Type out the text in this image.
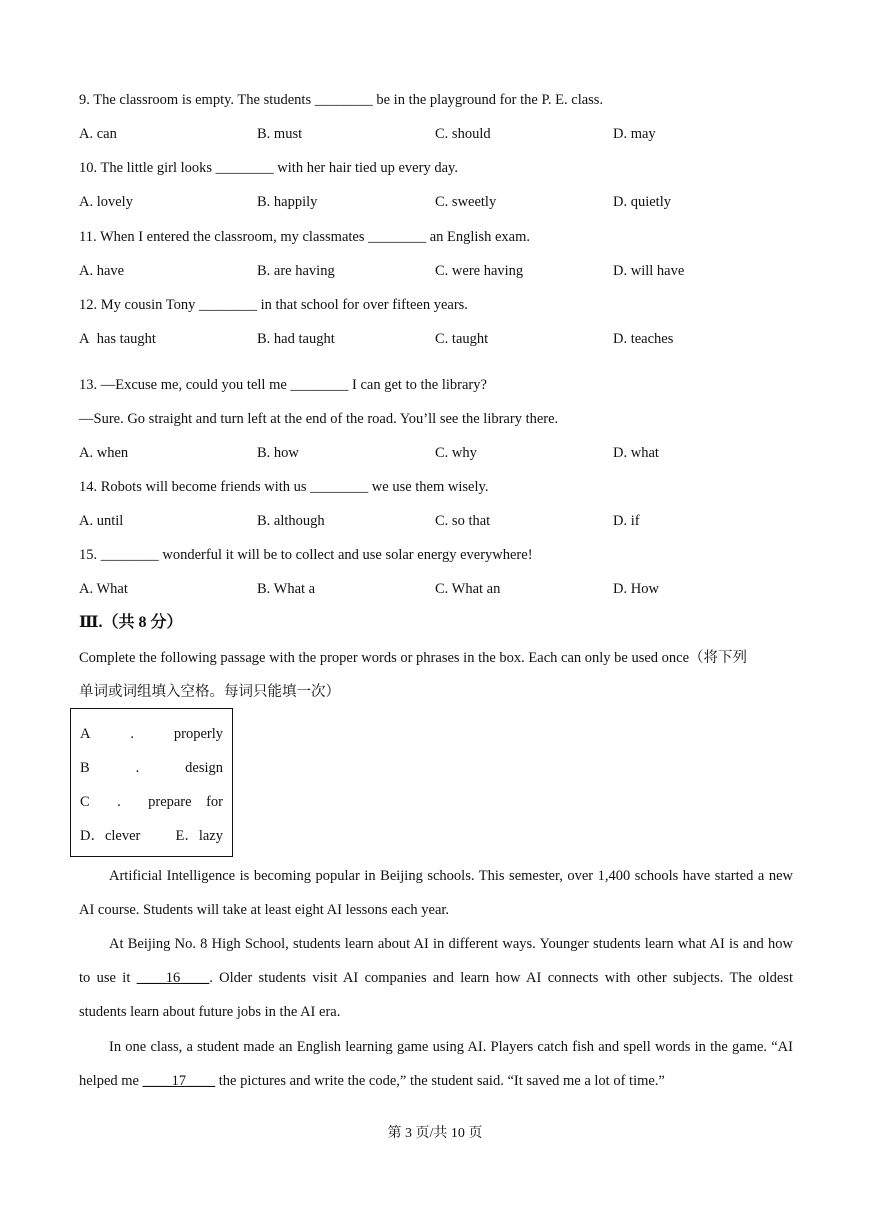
9. The classroom is empty. The students ________ be in the playground for the P. E. class.
A. can	B. must	C. should	D. may
10. The little girl looks ________ with her hair tied up every day.
A. lovely	B. happily	C. sweetly	D. quietly
11. When I entered the classroom, my classmates ________ an English exam.
A. have	B. are having	C. were having	D. will have
12. My cousin Tony ________ in that school for over fifteen years.
A  has taught	B. had taught	C. taught	D. teaches
13. —Excuse me, could you tell me ________ I can get to the library?
—Sure. Go straight and turn left at the end of the road. You’ll see the library there.
A. when	B. how	C. why	D. what
14. Robots will become friends with us ________ we use them wisely.
A. until	B. although	C. so that	D. if
15. ________ wonderful it will be to collect and use solar energy everywhere!
A. What	B. What a	C. What an	D. How
Ⅲ.（共 8 分）
Complete the following passage with the proper words or phrases in the box. Each can only be used once（将下列
单词或词组填入空格。每词只能填一次）
A	.	properly
B	.	design
C . prepare    for
D．clever E．lazy
Artificial Intelligence is becoming popular in Beijing schools. This semester, over 1,400 schools have started a new AI course. Students will take at least eight AI lessons each year.
At Beijing No. 8 High School, students learn about AI in different ways. Younger students learn what AI is and how to use it ____16____. Older students visit AI companies and learn how AI connects with other subjects. The oldest students learn about future jobs in the AI era.
In one class, a student made an English learning game using AI. Players catch fish and spell words in the game. “AI helped me ____17____ the pictures and write the code,” the student said. “It saved me a lot of time.”
第 3 页/共 10 页
